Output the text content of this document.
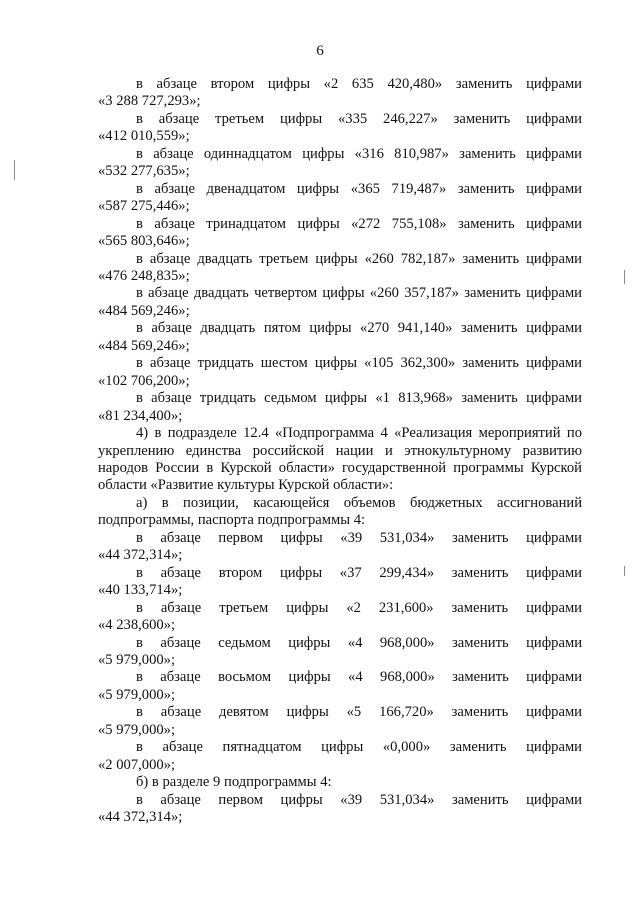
6

в абзаце втором цифры «2 635 420,480» заменить цифрами
«3 288 727,293»;

в абзаце третьем цифры «335 246,227» заменить цифрами
«412 010,559»;

в абзаце одиннадцатом цифры «316 810,987» заменить цифрами
«532 277,635»;

в абзаце двенадцатом цифры «365 719,487» заменить цифрами
«587 275,446»;

в абзаце тринадцатом цифры «272 755,108» заменить цифрами
«565 803,646»;

в абзаце двадцать третьем цифры «260 782,187» заменить цифрами
«476 248,835»;

в абзаце двадцать четвертом цифры «260 357,187» заменить цифрами
«484 569,246»;

в абзаце двадцать пятом цифры «270 941,140» заменить цифрами
«484 569,246»;

в абзаце тридцать шестом цифры «105 362,300» заменить цифрами
«102 706,200»;

в абзаце тридцать седьмом цифры «1 813,968» заменить цифрами
«81 234,400»;

4) в подразделе 12.4 «Подпрограмма 4 «Реализация мероприятий по укреплению единства российской нации и этнокультурному развитию народов России в Курской области» государственной программы Курской области «Развитие культуры Курской области»:

а) в позиции, касающейся объемов бюджетных ассигнований подпрограммы, паспорта подпрограммы 4:

в абзаце первом цифры «39 531,034» заменить цифрами
«44 372,314»;

в абзаце втором цифры «37 299,434» заменить цифрами
«40 133,714»;

в абзаце третьем цифры «2 231,600» заменить цифрами
«4 238,600»;

в абзаце седьмом цифры «4 968,000» заменить цифрами
«5 979,000»;

в абзаце восьмом цифры «4 968,000» заменить цифрами
«5 979,000»;

в абзаце девятом цифры «5 166,720» заменить цифрами
«5 979,000»;

в абзаце пятнадцатом цифры «0,000» заменить цифрами
«2 007,000»;

б) в разделе 9 подпрограммы 4:

в абзаце первом цифры «39 531,034» заменить цифрами
«44 372,314»;
